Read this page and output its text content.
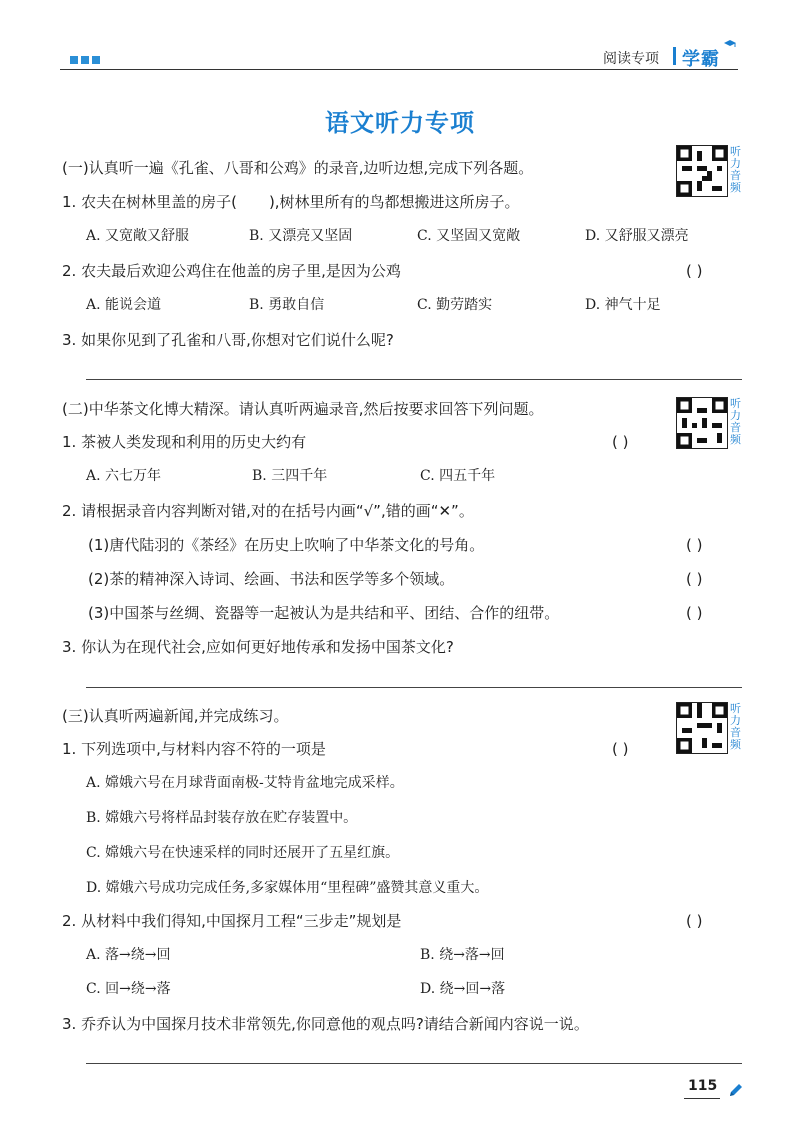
阅读专项 学霸
语文听力专项
(一)认真听一遍《孔雀、八哥和公鸡》的录音,边听边想,完成下列各题。
听
力
音
频
1. 农夫在树林里盖的房子( ),树林里所有的鸟都想搬进这所房子。
A. 又宽敞又舒服	B. 又漂亮又坚固	C. 又坚固又宽敞	D. 又舒服又漂亮
2. 农夫最后欢迎公鸡住在他盖的房子里,是因为公鸡	( )
A. 能说会道	B. 勇敢自信	C. 勤劳踏实	D. 神气十足
3. 如果你见到了孔雀和八哥,你想对它们说什么呢?
(二)中华茶文化博大精深。请认真听两遍录音,然后按要求回答下列问题。	听
力
音
频
1. 茶被人类发现和利用的历史大约有	( )
A. 六七万年	B. 三四千年	C. 四五千年
2. 请根据录音内容判断对错,对的在括号内画“√”,错的画“✕”。
(1)唐代陆羽的《茶经》在历史上吹响了中华茶文化的号角。	( )
(2)茶的精神深入诗词、绘画、书法和医学等多个领域。	( )
(3)中国茶与丝绸、瓷器等一起被认为是共结和平、团结、合作的纽带。	( )
3. 你认为在现代社会,应如何更好地传承和发扬中国茶文化?
(三)认真听两遍新闻,并完成练习。	听
力
音
频
1. 下列选项中,与材料内容不符的一项是	( )
A. 嫦娥六号在月球背面南极-艾特肯盆地完成采样。
B. 嫦娥六号将样品封装存放在贮存装置中。
C. 嫦娥六号在快速采样的同时还展开了五星红旗。
D. 嫦娥六号成功完成任务,多家媒体用“里程碑”盛赞其意义重大。
2. 从材料中我们得知,中国探月工程“三步走”规划是	( )
A. 落→绕→回	B. 绕→落→回
C. 回→绕→落	D. 绕→回→落
3. 乔乔认为中国探月技术非常领先,你同意他的观点吗?请结合新闻内容说一说。
115
